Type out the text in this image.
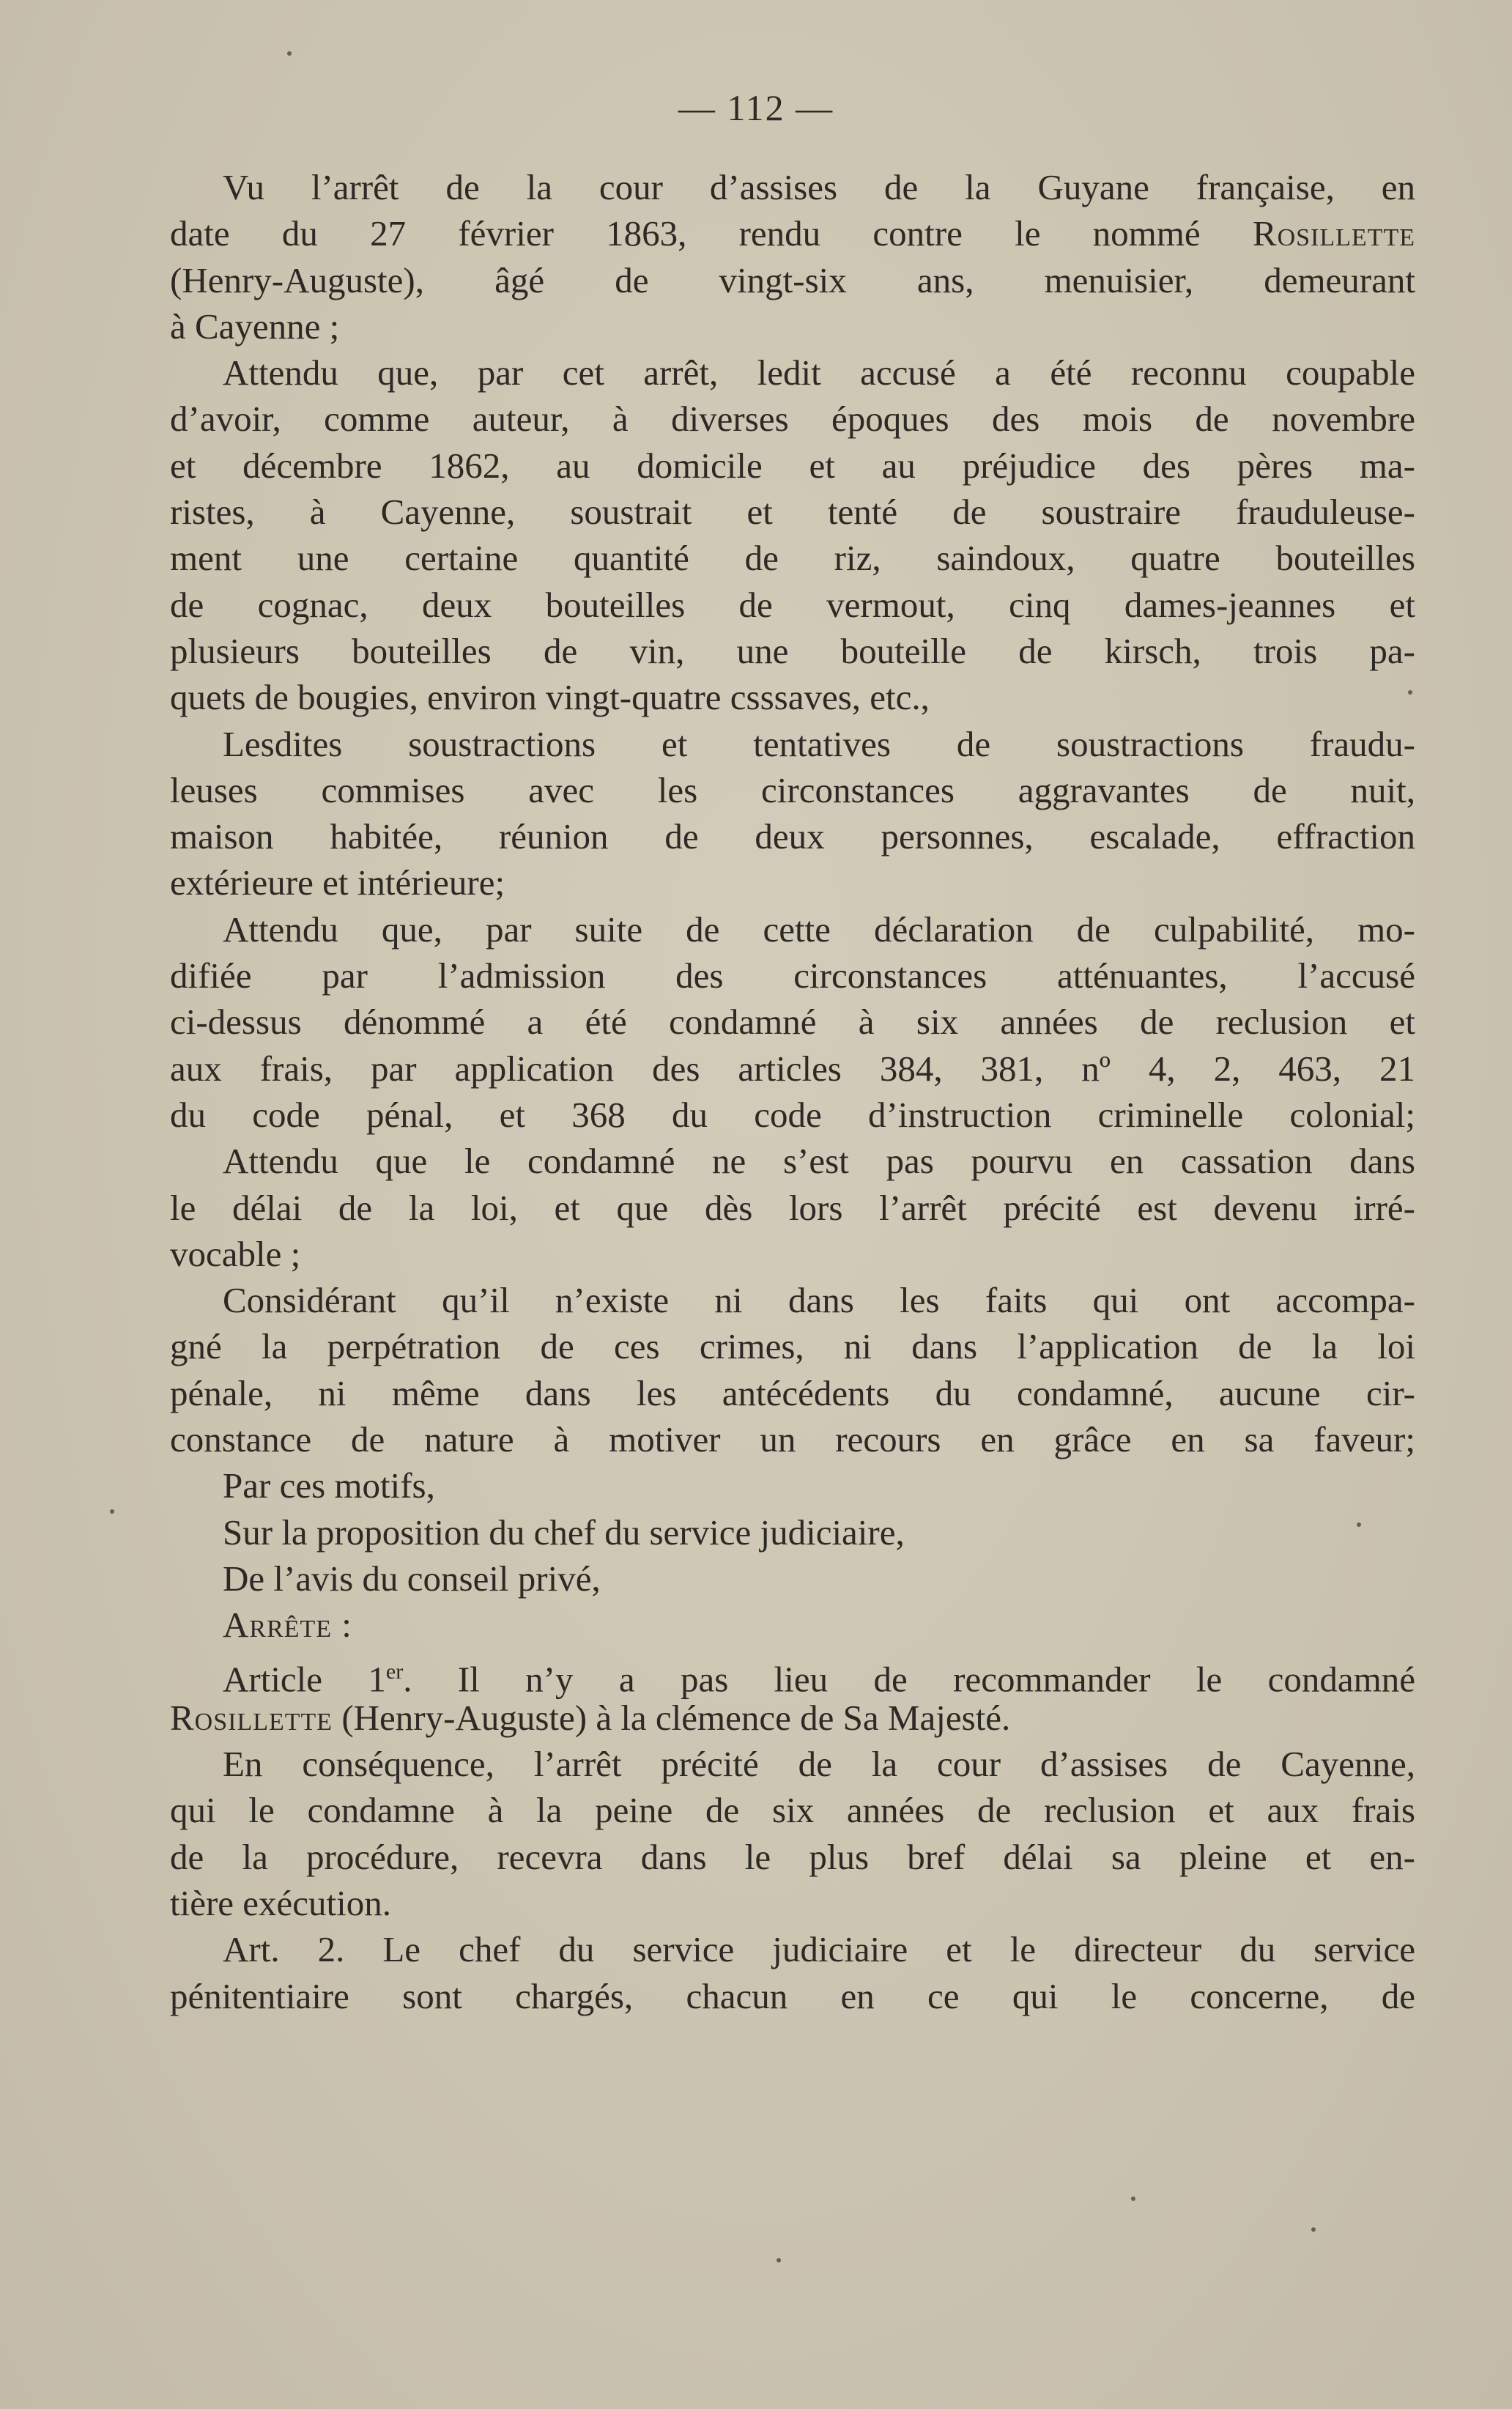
— 112 —
Vu l’arrêt de la cour d’assises de la Guyane française, en
date du 27 février 1863, rendu contre le nommé Rosillette
(Henry-Auguste), âgé de vingt-six ans, menuisier, demeurant
à Cayenne ;
Attendu que, par cet arrêt, ledit accusé a été reconnu coupable
d’avoir, comme auteur, à diverses époques des mois de novembre
et décembre 1862, au domicile et au préjudice des pères ma-
ristes, à Cayenne, soustrait et tenté de soustraire frauduleuse-
ment une certaine quantité de riz, saindoux, quatre bouteilles
de cognac, deux bouteilles de vermout, cinq dames-jeannes et
plusieurs bouteilles de vin, une bouteille de kirsch, trois pa-
quets de bougies, environ vingt-quatre csssaves, etc.,
Lesdites soustractions et tentatives de soustractions fraudu-
leuses commises avec les circonstances aggravantes de nuit,
maison habitée, réunion de deux personnes, escalade, effraction
extérieure et intérieure;
Attendu que, par suite de cette déclaration de culpabilité, mo-
difiée par l’admission des circonstances atténuantes, l’accusé
ci-dessus dénommé a été condamné à six années de reclusion et
aux frais, par application des articles 384, 381, nº 4, 2, 463, 21
du code pénal, et 368 du code d’instruction criminelle colonial;
Attendu que le condamné ne s’est pas pourvu en cassation dans
le délai de la loi, et que dès lors l’arrêt précité est devenu irré-
vocable ;
Considérant qu’il n’existe ni dans les faits qui ont accompa-
gné la perpétration de ces crimes, ni dans l’application de la loi
pénale, ni même dans les antécédents du condamné, aucune cir-
constance de nature à motiver un recours en grâce en sa faveur;
Par ces motifs,
Sur la proposition du chef du service judiciaire,
De l’avis du conseil privé,
Arrête :
Article 1er. Il n’y a pas lieu de recommander le condamné
Rosillette (Henry-Auguste) à la clémence de Sa Majesté.
En conséquence, l’arrêt précité de la cour d’assises de Cayenne,
qui le condamne à la peine de six années de reclusion et aux frais
de la procédure, recevra dans le plus bref délai sa pleine et en-
tière exécution.
Art. 2. Le chef du service judiciaire et le directeur du service
pénitentiaire sont chargés, chacun en ce qui le concerne, de
